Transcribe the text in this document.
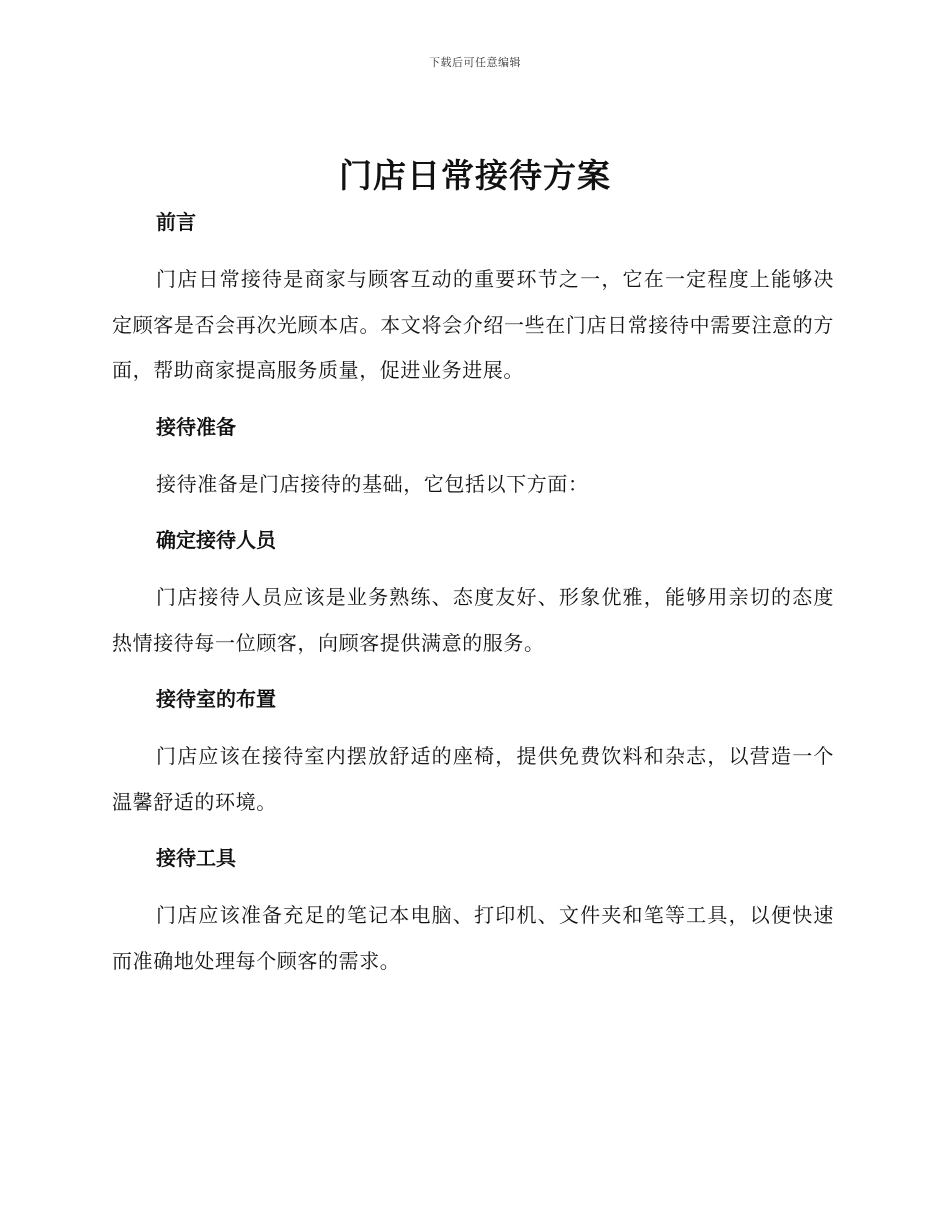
下载后可任意编辑
门店日常接待方案
前言

门店日常接待是商家与顾客互动的重要环节之一，它在一定程度上能够决定顾客是否会再次光顾本店。本文将会介绍一些在门店日常接待中需要注意的方面，帮助商家提高服务质量，促进业务进展。

接待准备

接待准备是门店接待的基础，它包括以下方面：

确定接待人员

门店接待人员应该是业务熟练、态度友好、形象优雅，能够用亲切的态度热情接待每一位顾客，向顾客提供满意的服务。

接待室的布置

门店应该在接待室内摆放舒适的座椅，提供免费饮料和杂志，以营造一个温馨舒适的环境。

接待工具

门店应该准备充足的笔记本电脑、打印机、文件夹和笔等工具，以便快速而准确地处理每个顾客的需求。
